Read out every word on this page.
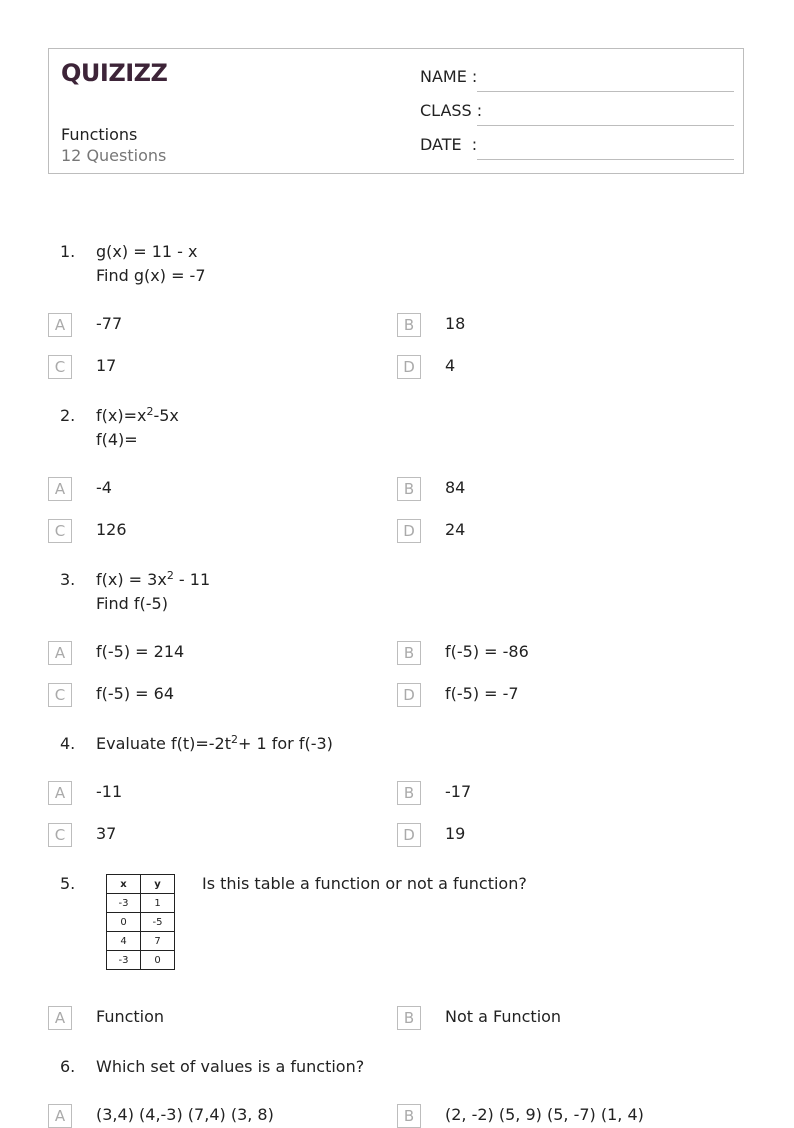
QUIZIZZ
Functions
12 Questions
NAME :
CLASS :
DATE  :
1. g(x) = 11 - x
Find g(x) = -7
A	-77	B	18
C	17	D	4
2. $f(x)=x^2-5x$
f(4)=
A	-4	B	84
C	126	D	24
3. $f(x) = 3x^2 - 11$
Find f(-5)
A	f(-5) = 214	B	f(-5) = -86
C	f(-5) = 64	D	f(-5) = -7
4. Evaluate $f(t)=-2t^2+ 1$ for f(-3)
A	-11	B	-17
C	37	D	19
5.	Is this table a function or not a function?
x	y
-3	1
0	-5
4	7
-3	0
A	Function	B	Not a Function
6. Which set of values is a function?
A	(3,4) (4,-3) (7,4) (3, 8)	B	(2, -2) (5, 9) (5, -7) (1, 4)
